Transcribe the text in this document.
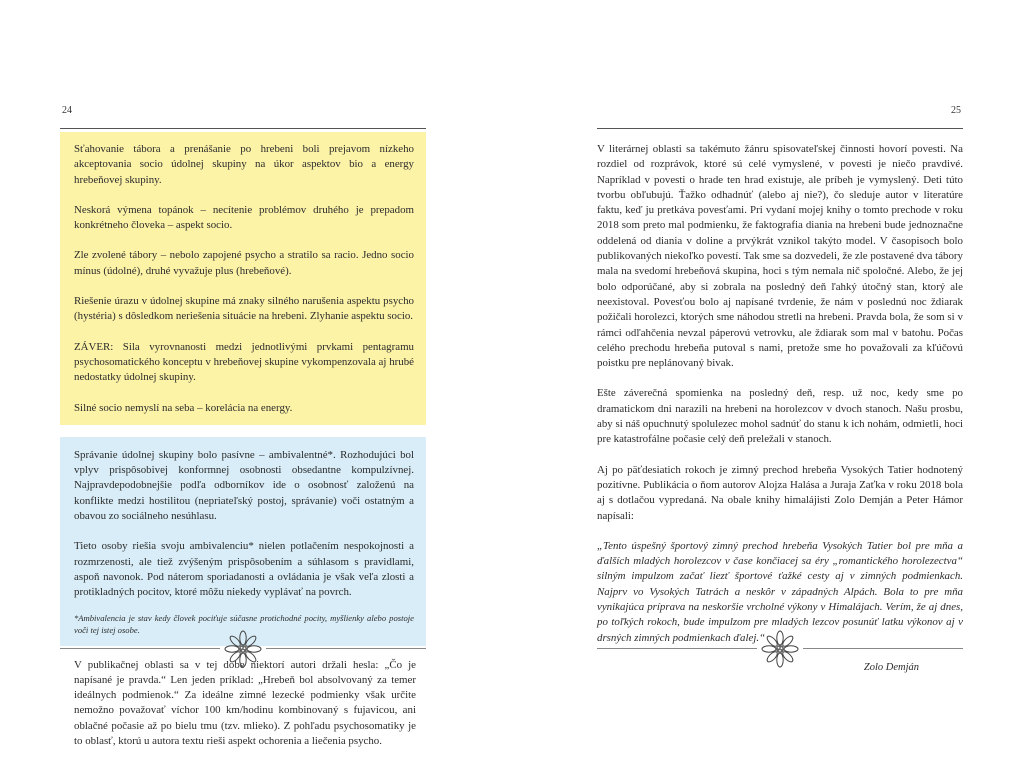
24

Sťahovanie tábora a prenášanie po hrebeni boli prejavom nízkeho akceptovania socio údolnej skupiny na úkor aspektov bio a energy hrebeňovej skupiny.

Neskorá výmena topánok – necítenie problémov druhého je prepadom konkrétneho človeka – aspekt socio.

Zle zvolené tábory – nebolo zapojené psycho a stratilo sa racio. Jedno socio mínus (údolné), druhé vyvažuje plus (hrebeňové).

Riešenie úrazu v údolnej skupine má znaky silného narušenia aspektu psycho (hystéria) s dôsledkom neriešenia situácie na hrebeni. Zlyhanie aspektu socio.

ZÁVER: Sila vyrovnanosti medzi jednotlivými prvkami pentagramu psychosomatického konceptu v hrebeňovej skupine vykompenzovala aj hrubé nedostatky údolnej skupiny.

Silné socio nemyslí na seba – korelácia na energy.

Správanie údolnej skupiny bolo pasívne – ambivalentné*. Rozhodujúci bol vplyv prispôsobivej konformnej osobnosti obsedantne kompulzívnej. Najpravdepodobnejšie podľa odborníkov ide o osobnosť založenú na konflikte medzi hostilitou (nepriateľský postoj, správanie) voči ostatným a obavou zo sociálneho nesúhlasu.

Tieto osoby riešia svoju ambivalenciu* nielen potlačením nespokojnosti a rozmrzenosti, ale tiež zvýšeným prispôsobením a súhlasom s pravidlami, aspoň navonok. Pod náterom sporiadanosti a ovládania je však veľa zlosti a protikladných pocitov, ktoré môžu niekedy vyplávať na povrch.

*Ambivalencia je stav kedy človek pociťuje súčasne protichodné pocity, myšlienky alebo postoje voči tej istej osobe.

V publikačnej oblasti sa v tej dobe niektorí autori držali hesla: „Čo je napísané je pravda.“ Len jeden príklad: „Hrebeň bol absolvovaný za temer ideálnych podmienok.“ Za ideálne zimné lezecké podmienky však určite nemožno považovať víchor 100 km/hodinu kombinovaný s fujavicou, ani oblačné počasie až po bielu tmu (tzv. mlieko). Z pohľadu psychosomatiky je to oblasť, ktorú u autora textu rieši aspekt ochorenia a liečenia psycho.

25

V literárnej oblasti sa takémuto žánru spisovateľskej činnosti hovorí povesti. Na rozdiel od rozprávok, ktoré sú celé vymyslené, v povesti je niečo pravdivé. Napríklad v povesti o hrade ten hrad existuje, ale príbeh je vymyslený. Deti túto tvorbu obľubujú. Ťažko odhadnúť (alebo aj nie?), čo sleduje autor v literatúre faktu, keď ju pretkáva povesťami. Pri vydaní mojej knihy o tomto prechode v roku 2018 som preto mal podmienku, že faktografia diania na hrebeni bude jednoznačne oddelená od diania v doline a prvýkrát vznikol takýto model. V časopisoch bolo publikovaných niekoľko povestí. Tak sme sa dozvedeli, že zle postavené dva tábory mala na svedomí hrebeňová skupina, hoci s tým nemala nič spoločné. Alebo, že jej bolo odporúčané, aby si zobrala na posledný deň ľahký útočný stan, ktorý ale neexistoval. Povesťou bolo aj napísané tvrdenie, že nám v poslednú noc ždiarak požičali horolezci, ktorých sme náhodou stretli na hrebeni. Pravda bola, že som si v rámci odľahčenia nevzal páperovú vetrovku, ale ždiarak som mal v batohu. Počas celého prechodu hrebeňa putoval s nami, pretože sme ho považovali za kľúčovú poistku pre neplánovaný bivak.

Ešte záverečná spomienka na posledný deň, resp. už noc, kedy sme po dramatickom dni narazili na hrebeni na horolezcov v dvoch stanoch. Našu prosbu, aby si náš opuchnutý spolulezec mohol sadnúť do stanu k ich nohám, odmietli, hoci pre katastrofálne počasie celý deň preležali v stanoch.

Aj po päťdesiatich rokoch je zimný prechod hrebeňa Vysokých Tatier hodnotený pozitívne. Publikácia o ňom autorov Alojza Halása a Juraja Zaťka v roku 2018 bola aj s dotlačou vypredaná. Na obale knihy himalájisti Zolo Demján a Peter Hámor napísali:

„Tento úspešný športový zimný prechod hrebeňa Vysokých Tatier bol pre mňa a ďalších mladých horolezcov v čase končiacej sa éry „romantického horolezectva“ silným impulzom začať liezť športové ťažké cesty aj v zimných podmienkach. Najprv vo Vysokých Tatrách a neskôr v západných Alpách. Bola to pre mňa vynikajúca príprava na neskoršie vrcholné výkony v Himalájach. Verím, že aj dnes, po toľkých rokoch, bude impulzom pre mladých lezcov posunúť latku výkonov aj v drsných zimných podmienkach ďalej.“

Zolo Demján
